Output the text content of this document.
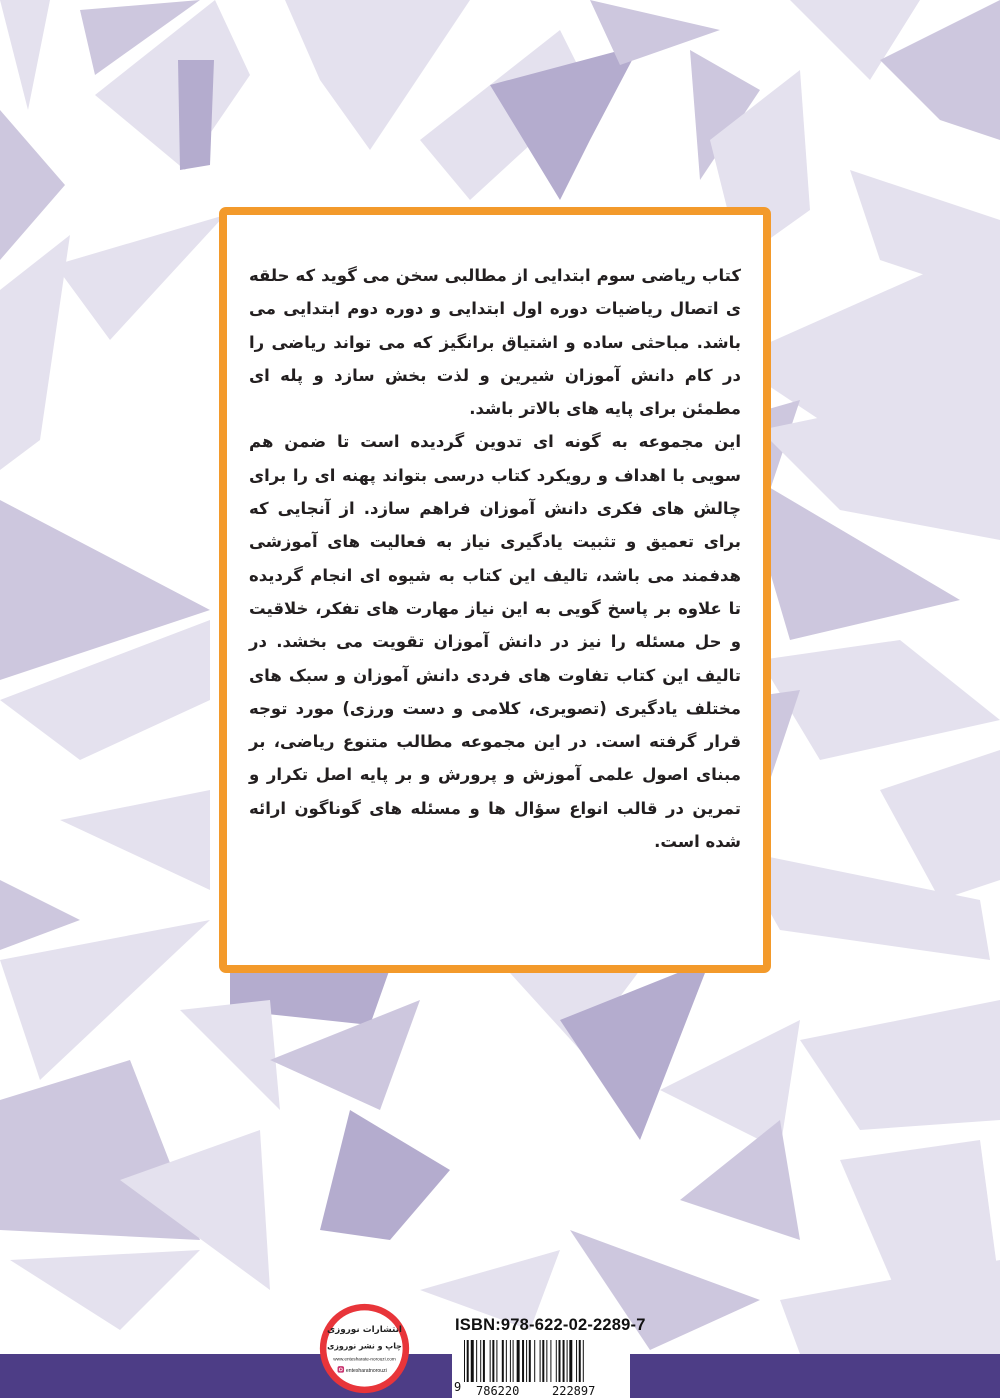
کتاب ریاضی سوم ابتدایی از مطالبی سخن می گوید که حلقه ی اتصال ریاضیات دوره اول ابتدایی و دوره دوم ابتدایی می باشد. مباحثی ساده و اشتیاق برانگیز که می تواند ریاضی را در کام دانش آموزان شیرین و لذت بخش سازد و پله ای مطمئن برای پایه های بالاتر باشد.

این مجموعه به گونه ای تدوین گردیده است تا ضمن هم سویی با اهداف و رویکرد کتاب درسی بتواند پهنه ای را برای چالش های فکری دانش آموزان فراهم سازد. از آنجایی که برای تعمیق و تثبیت یادگیری نیاز به فعالیت های آموزشی هدفمند می باشد، تالیف این کتاب به شیوه ای انجام گردیده تا علاوه بر پاسخ گویی به این نیاز مهارت های تفکر، خلاقیت و حل مسئله را نیز در دانش آموزان تقویت می بخشد. در تالیف این کتاب تفاوت های فردی دانش آموزان و سبک های مختلف یادگیری (تصویری، کلامی و دست ورزی) مورد توجه قرار گرفته است. در این مجموعه مطالب متنوع ریاضی، بر مبنای اصول علمی آموزش و پرورش و بر پایه اصل تکرار و تمرین در قالب انواع سؤال ها و مسئله های گوناگون ارائه شده است.

انتشارات نوروزی
چاپ و نشر نوروزی
www.entesharate-norouzi.com
entesharatnorouzi
ISBN:978-622-02-2289-7
9 786220	222897
